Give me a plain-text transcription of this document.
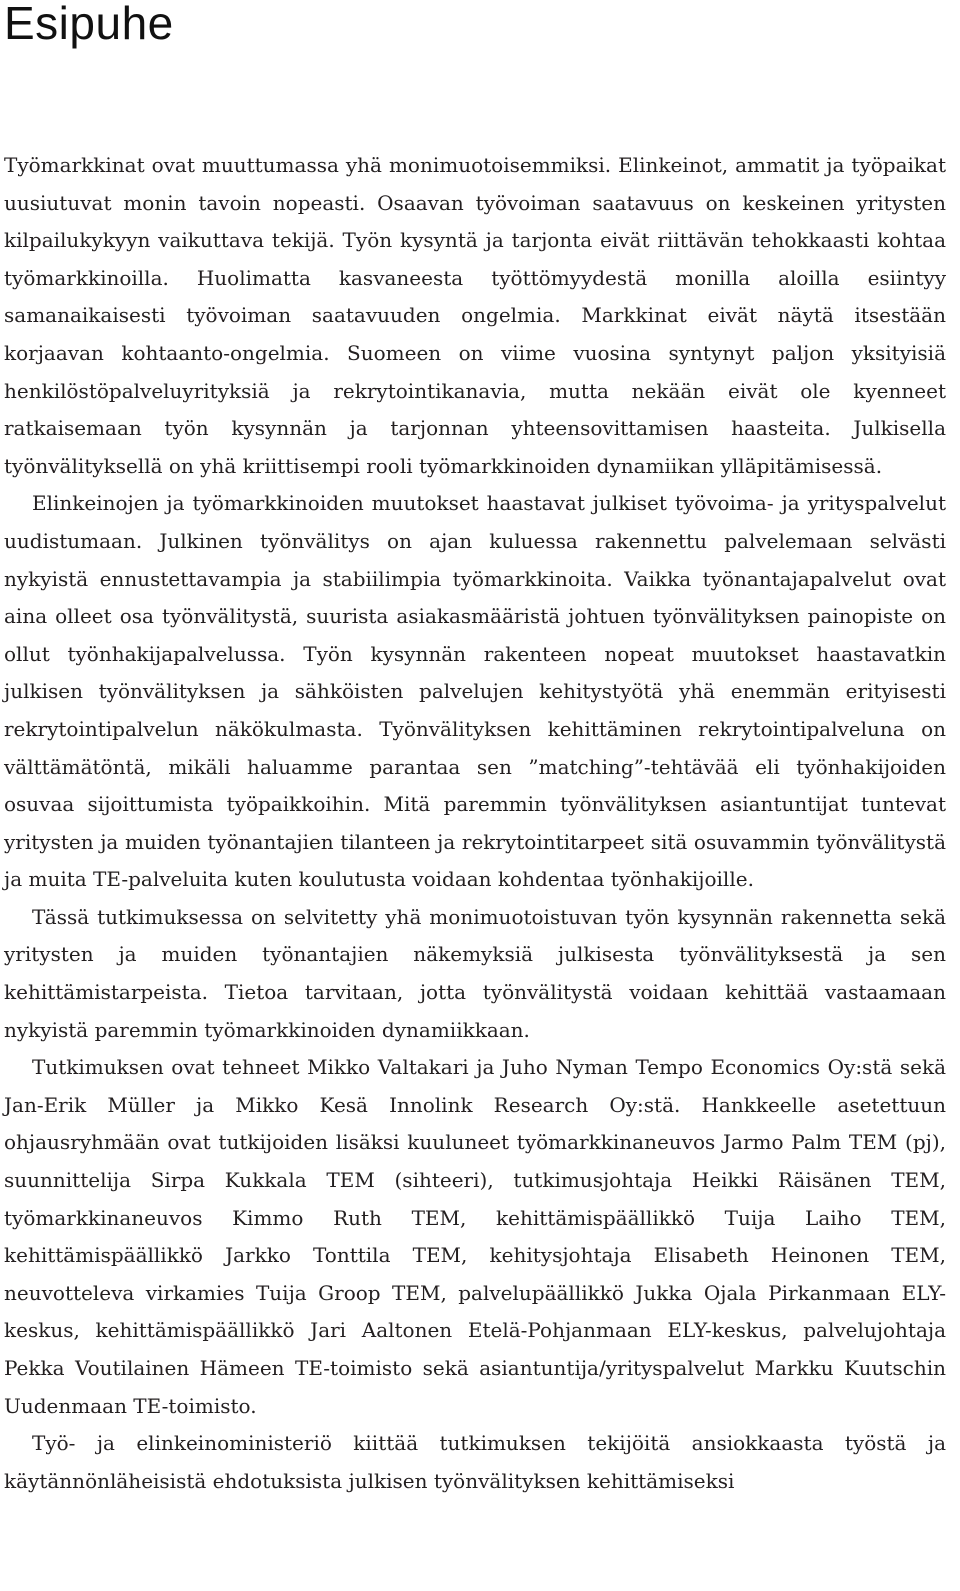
Esipuhe

Työmarkkinat ovat muuttumassa yhä monimuotoisemmiksi. Elinkeinot, ammatit ja työpaikat uusiutuvat monin tavoin nopeasti. Osaavan työvoiman saatavuus on keskeinen yritysten kilpailukykyyn vaikuttava tekijä. Työn kysyntä ja tarjonta eivät riittävän tehokkaasti kohtaa työmarkkinoilla. Huolimatta kasvaneesta työttömyydestä monilla aloilla esiintyy samanaikaisesti työvoiman saatavuuden ongelmia. Markkinat eivät näytä itsestään korjaavan kohtaanto-ongelmia. Suomeen on viime vuosina syntynyt paljon yksityisiä henkilöstöpalveluyrityksiä ja rekrytointikanavia, mutta nekään eivät ole kyenneet ratkaisemaan työn kysynnän ja tarjonnan yhteensovittamisen haasteita. Julkisella työnvälityksellä on yhä kriittisempi rooli työmarkkinoiden dynamiikan ylläpitämisessä.

Elinkeinojen ja työmarkkinoiden muutokset haastavat julkiset työvoima- ja yrityspalvelut uudistumaan. Julkinen työnvälitys on ajan kuluessa rakennettu palvelemaan selvästi nykyistä ennustettavampia ja stabiilimpia työmarkkinoita. Vaikka työnantajapalvelut ovat aina olleet osa työnvälitystä, suurista asiakasmääristä johtuen työnvälityksen painopiste on ollut työnhakijapalvelussa. Työn kysynnän rakenteen nopeat muutokset haastavatkin julkisen työnvälityksen ja sähköisten palvelujen kehitystyötä yhä enemmän erityisesti rekrytointipalvelun näkökulmasta. Työnvälityksen kehittäminen rekrytointipalveluna on välttämätöntä, mikäli haluamme parantaa sen ”matching”-tehtävää eli työnhakijoiden osuvaa sijoittumista työpaikkoihin. Mitä paremmin työnvälityksen asiantuntijat tuntevat yritysten ja muiden työnantajien tilanteen ja rekrytointitarpeet sitä osuvammin työnvälitystä ja muita TE-palveluita kuten koulutusta voidaan kohdentaa työnhakijoille.

Tässä tutkimuksessa on selvitetty yhä monimuotoistuvan työn kysynnän rakennetta sekä yritysten ja muiden työnantajien näkemyksiä julkisesta työnvälityksestä ja sen kehittämistarpeista. Tietoa tarvitaan, jotta työnvälitystä voidaan kehittää vastaamaan nykyistä paremmin työmarkkinoiden dynamiikkaan.

Tutkimuksen ovat tehneet Mikko Valtakari ja Juho Nyman Tempo Economics Oy:stä sekä Jan-Erik Müller ja Mikko Kesä Innolink Research Oy:stä. Hankkeelle asetettuun ohjausryhmään ovat tutkijoiden lisäksi kuuluneet työmarkkinaneuvos Jarmo Palm TEM (pj), suunnittelija Sirpa Kukkala TEM (sihteeri), tutkimusjohtaja Heikki Räisänen TEM, työmarkkinaneuvos Kimmo Ruth TEM, kehittämispäällikkö Tuija Laiho TEM, kehittämispäällikkö Jarkko Tonttila TEM, kehitysjohtaja Elisabeth Heinonen TEM, neuvotteleva virkamies Tuija Groop TEM, palvelupäällikkö Jukka Ojala Pirkanmaan ELY-keskus, kehittämispäällikkö Jari Aaltonen Etelä-Pohjanmaan ELY-keskus, palvelujohtaja Pekka Voutilainen Hämeen TE-toimisto sekä asiantuntija/yrityspalvelut Markku Kuutschin Uudenmaan TE-toimisto.

Työ- ja elinkeinoministeriö kiittää tutkimuksen tekijöitä ansiokkaasta työstä ja käytännönläheisistä ehdotuksista julkisen työnvälityksen kehittämiseksi
